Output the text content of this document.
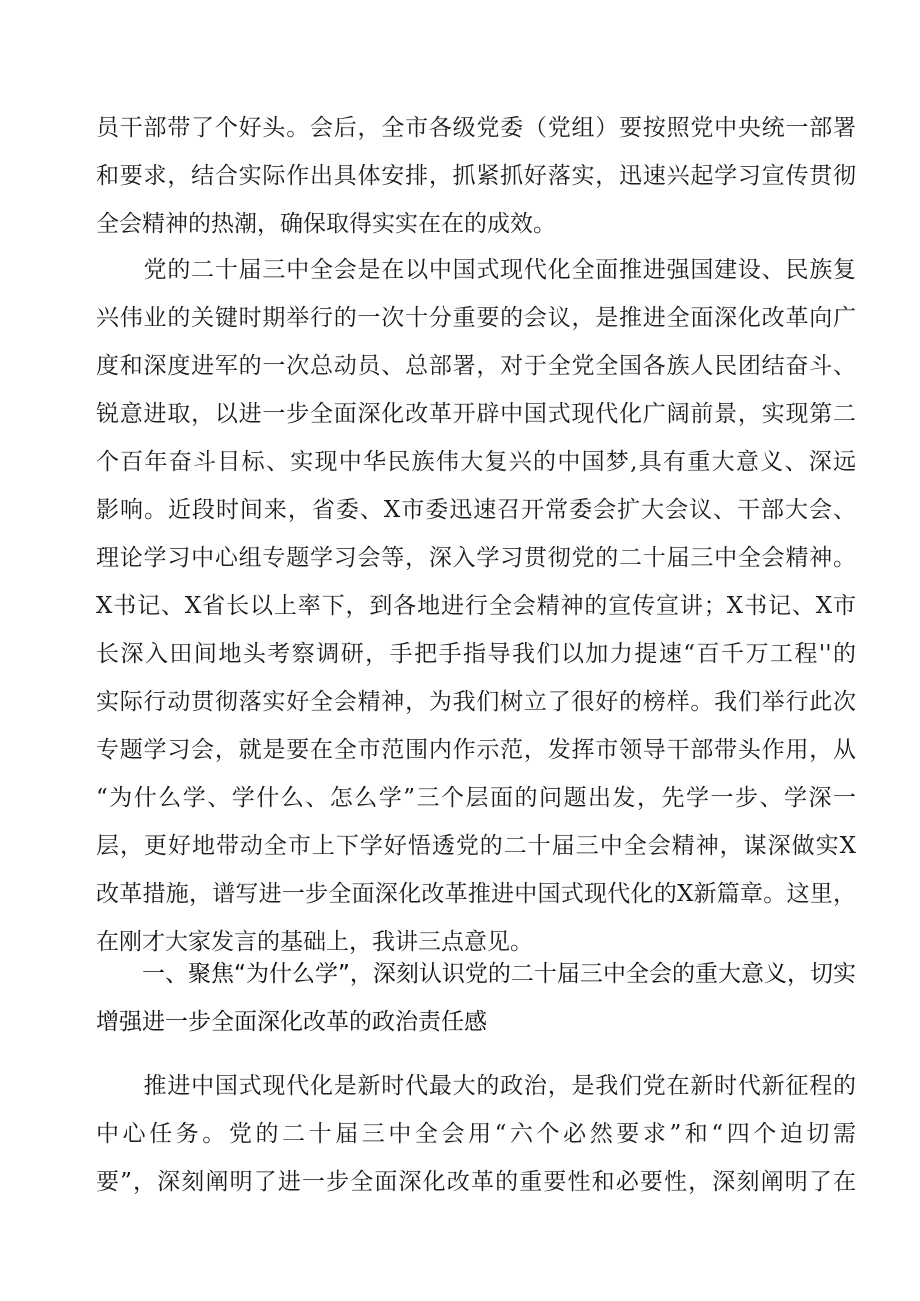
员干部带了个好头。会后，全市各级党委（党组）要按照党中央统一部署
和要求，结合实际作出具体安排，抓紧抓好落实，迅速兴起学习宣传贯彻
全会精神的热潮，确保取得实实在在的成效。
　　党的二十届三中全会是在以中国式现代化全面推进强国建设、民族复
兴伟业的关键时期举行的一次十分重要的会议，是推进全面深化改革向广
度和深度进军的一次总动员、总部署，对于全党全国各族人民团结奋斗、
锐意进取，以进一步全面深化改革开辟中国式现代化广阔前景，实现第二
个百年奋斗目标、实现中华民族伟大复兴的中国梦,具有重大意义、深远
影响。近段时间来，省委、X市委迅速召开常委会扩大会议、干部大会、
理论学习中心组专题学习会等，深入学习贯彻党的二十届三中全会精神。
X书记、X省长以上率下，到各地进行全会精神的宣传宣讲；X书记、X市
长深入田间地头考察调研，手把手指导我们以加力提速“百千万工程''的
实际行动贯彻落实好全会精神，为我们树立了很好的榜样。我们举行此次
专题学习会，就是要在全市范围内作示范，发挥市领导干部带头作用，从
“为什么学、学什么、怎么学”三个层面的问题出发，先学一步、学深一
层，更好地带动全市上下学好悟透党的二十届三中全会精神，谋深做实X
改革措施，谱写进一步全面深化改革推进中国式现代化的X新篇章。这里，
在刚才大家发言的基础上，我讲三点意见。
　　一、聚焦“为什么学”，深刻认识党的二十届三中全会的重大意义，切实
增强进一步全面深化改革的政治责任感
　　推进中国式现代化是新时代最大的政治，是我们党在新时代新征程的
中心任务。党的二十届三中全会用“六个必然要求”和“四个迫切需
要”，深刻阐明了进一步全面深化改革的重要性和必要性，深刻阐明了在
